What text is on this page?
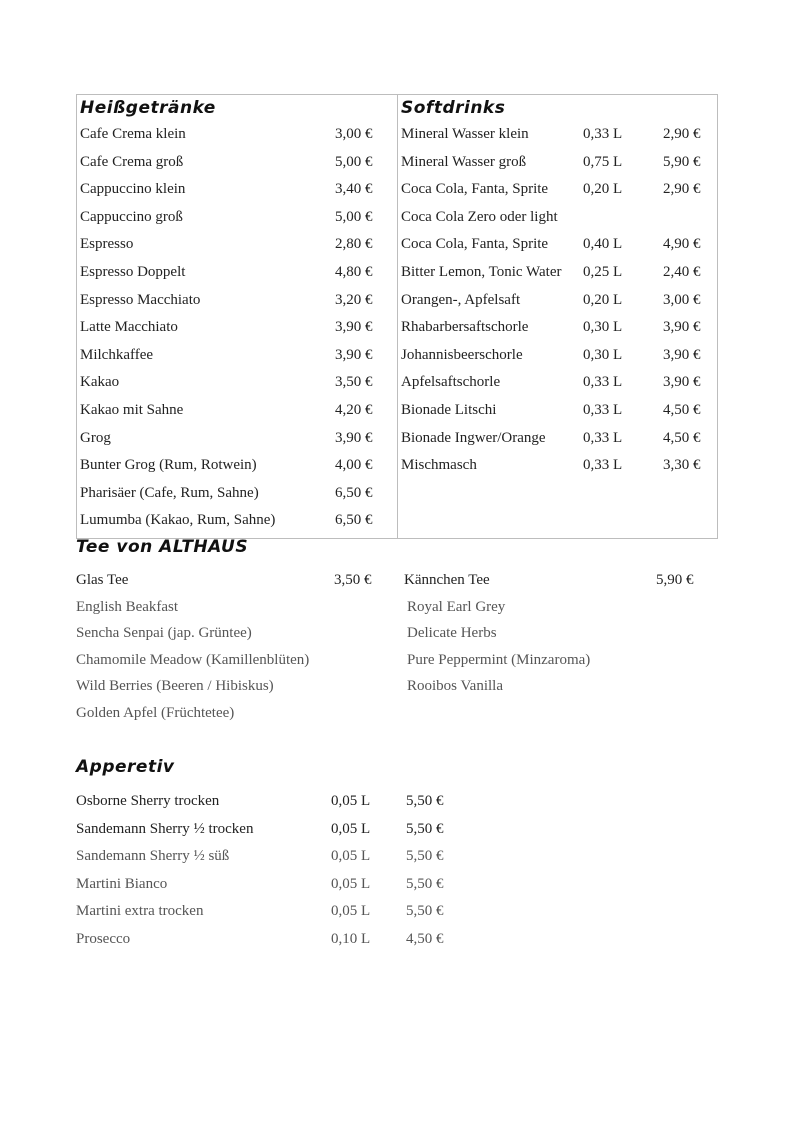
Heißgetränke
Cafe Crema klein	3,00 €
Cafe Crema groß	5,00 €
Cappuccino klein	3,40 €
Cappuccino groß	5,00 €
Espresso	2,80 €
Espresso Doppelt	4,80 €
Espresso Macchiato	3,20 €
Latte Macchiato	3,90 €
Milchkaffee	3,90 €
Kakao	3,50 €
Kakao mit Sahne	4,20 €
Grog	3,90 €
Bunter Grog (Rum, Rotwein)	4,00 €
Pharisäer (Cafe, Rum, Sahne)	6,50 €
Lumumba (Kakao, Rum, Sahne)	6,50 €
Softdrinks
Mineral Wasser klein	0,33 L	2,90 €
Mineral Wasser groß	0,75 L	5,90 €
Coca Cola, Fanta, Sprite 0,20 L	2,90 €
Coca Cola Zero oder light
Coca Cola, Fanta, Sprite 0,40 L	4,90 €
Bitter Lemon, Tonic Water 0,25 L	2,40 €
Orangen-, Apfelsaft	0,20 L	3,00 €
Rhabarbersaftschorle	0,30 L	3,90 €
Johannisbeerschorle	0,30 L	3,90 €
Apfelsaftschorle	0,33 L	3,90 €
Bionade Litschi	0,33 L	4,50 €
Bionade Ingwer/Orange 0,33 L	4,50 €
Mischmasch	0,33 L	3,30 €
Tee von ALTHAUS
Glas Tee	3,50 €
English Beakfast
Sencha Senpai (jap. Grüntee)
Chamomile Meadow (Kamillenblüten)
Wild Berries (Beeren / Hibiskus)
Golden Apfel (Früchtetee)
Kännchen Tee	5,90 €
Royal Earl Grey
Delicate Herbs
Pure Peppermint (Minzaroma)
Rooibos Vanilla
Apperetiv
Osborne Sherry trocken	0,05 L 5,50 €
Sandemann Sherry ½ trocken	0,05 L 5,50 €
Sandemann Sherry ½ süß	0,05 L 5,50 €
Martini Bianco	0,05 L 5,50 €
Martini extra trocken	0,05 L 5,50 €
Prosecco	0,10 L 4,50 €
